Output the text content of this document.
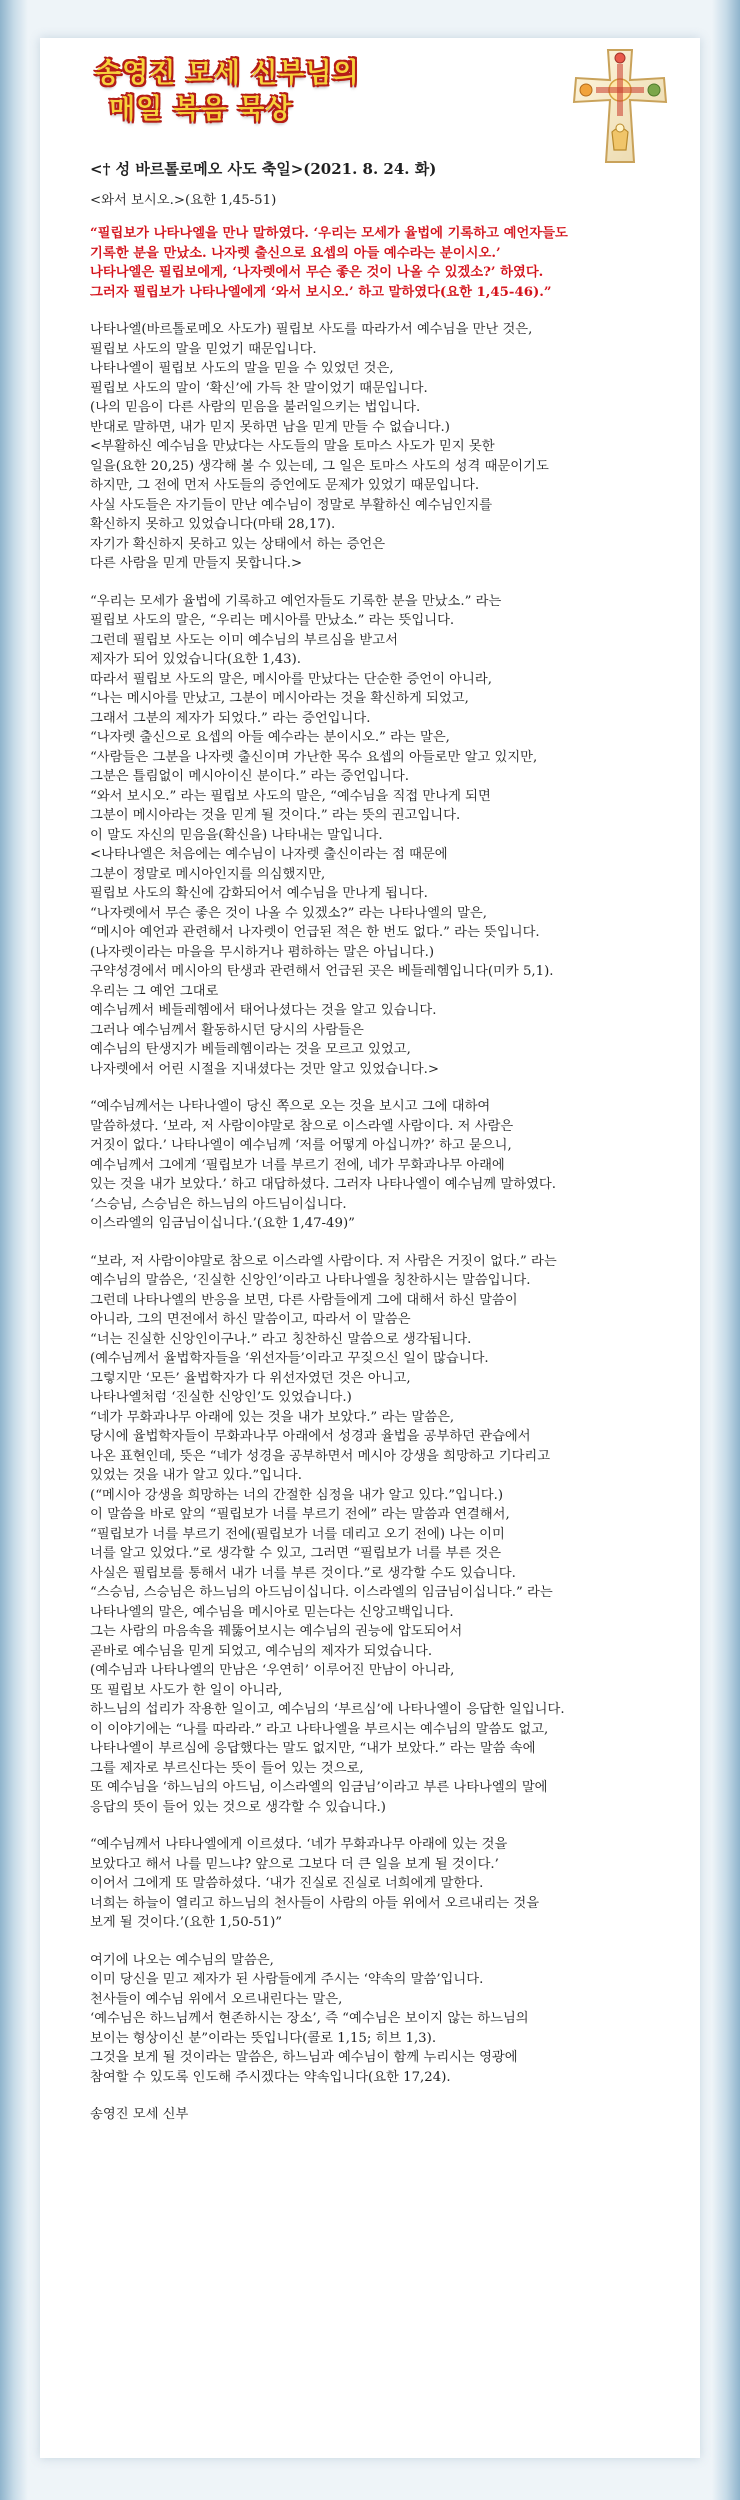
송영진 모세 신부님의
매일 복음 묵상
<† 성 바르톨로메오 사도 축일>(2021. 8. 24. 화)
<와서 보시오.>(요한 1,45-51)
“필립보가 나타나엘을 만나 말하였다. ‘우리는 모세가 율법에 기록하고 예언자들도
기록한 분을 만났소. 나자렛 출신으로 요셉의 아들 예수라는 분이시오.’
나타나엘은 필립보에게, ‘나자렛에서 무슨 좋은 것이 나올 수 있겠소?’ 하였다.
그러자 필립보가 나타나엘에게 ‘와서 보시오.’ 하고 말하였다(요한 1,45-46).”
나타나엘(바르톨로메오 사도가) 필립보 사도를 따라가서 예수님을 만난 것은,
필립보 사도의 말을 믿었기 때문입니다.
나타나엘이 필립보 사도의 말을 믿을 수 있었던 것은,
필립보 사도의 말이 ‘확신’에 가득 찬 말이었기 때문입니다.
(나의 믿음이 다른 사람의 믿음을 불러일으키는 법입니다.
반대로 말하면, 내가 믿지 못하면 남을 믿게 만들 수 없습니다.)
<부활하신 예수님을 만났다는 사도들의 말을 토마스 사도가 믿지 못한
일을(요한 20,25) 생각해 볼 수 있는데, 그 일은 토마스 사도의 성격 때문이기도
하지만, 그 전에 먼저 사도들의 증언에도 문제가 있었기 때문입니다.
사실 사도들은 자기들이 만난 예수님이 정말로 부활하신 예수님인지를
확신하지 못하고 있었습니다(마태 28,17).
자기가 확신하지 못하고 있는 상태에서 하는 증언은
다른 사람을 믿게 만들지 못합니다.>
“우리는 모세가 율법에 기록하고 예언자들도 기록한 분을 만났소.” 라는
필립보 사도의 말은, “우리는 메시아를 만났소.” 라는 뜻입니다.
그런데 필립보 사도는 이미 예수님의 부르심을 받고서
제자가 되어 있었습니다(요한 1,43).
따라서 필립보 사도의 말은, 메시아를 만났다는 단순한 증언이 아니라,
“나는 메시아를 만났고, 그분이 메시아라는 것을 확신하게 되었고,
그래서 그분의 제자가 되었다.” 라는 증언입니다.
“나자렛 출신으로 요셉의 아들 예수라는 분이시오.” 라는 말은,
“사람들은 그분을 나자렛 출신이며 가난한 목수 요셉의 아들로만 알고 있지만,
그분은 틀림없이 메시아이신 분이다.” 라는 증언입니다.
“와서 보시오.” 라는 필립보 사도의 말은, “예수님을 직접 만나게 되면
그분이 메시아라는 것을 믿게 될 것이다.” 라는 뜻의 권고입니다.
이 말도 자신의 믿음을(확신을) 나타내는 말입니다.
<나타나엘은 처음에는 예수님이 나자렛 출신이라는 점 때문에
그분이 정말로 메시아인지를 의심했지만,
필립보 사도의 확신에 감화되어서 예수님을 만나게 됩니다.
“나자렛에서 무슨 좋은 것이 나올 수 있겠소?” 라는 나타나엘의 말은,
“메시아 예언과 관련해서 나자렛이 언급된 적은 한 번도 없다.” 라는 뜻입니다.
(나자렛이라는 마을을 무시하거나 폄하하는 말은 아닙니다.)
구약성경에서 메시아의 탄생과 관련해서 언급된 곳은 베들레헴입니다(미카 5,1).
우리는 그 예언 그대로
예수님께서 베들레헴에서 태어나셨다는 것을 알고 있습니다.
그러나 예수님께서 활동하시던 당시의 사람들은
예수님의 탄생지가 베들레헴이라는 것을 모르고 있었고,
나자렛에서 어린 시절을 지내셨다는 것만 알고 있었습니다.>
“예수님께서는 나타나엘이 당신 쪽으로 오는 것을 보시고 그에 대하여
말씀하셨다. ‘보라, 저 사람이야말로 참으로 이스라엘 사람이다. 저 사람은
거짓이 없다.’ 나타나엘이 예수님께 ‘저를 어떻게 아십니까?’ 하고 묻으니,
예수님께서 그에게 ‘필립보가 너를 부르기 전에, 네가 무화과나무 아래에
있는 것을 내가 보았다.’ 하고 대답하셨다. 그러자 나타나엘이 예수님께 말하였다.
‘스승님, 스승님은 하느님의 아드님이십니다.
이스라엘의 임금님이십니다.’(요한 1,47-49)”
“보라, 저 사람이야말로 참으로 이스라엘 사람이다. 저 사람은 거짓이 없다.” 라는
예수님의 말씀은, ‘진실한 신앙인’이라고 나타나엘을 칭찬하시는 말씀입니다.
그런데 나타나엘의 반응을 보면, 다른 사람들에게 그에 대해서 하신 말씀이
아니라, 그의 면전에서 하신 말씀이고, 따라서 이 말씀은
“너는 진실한 신앙인이구나.” 라고 칭찬하신 말씀으로 생각됩니다.
(예수님께서 율법학자들을 ‘위선자들’이라고 꾸짖으신 일이 많습니다.
그렇지만 ‘모든’ 율법학자가 다 위선자였던 것은 아니고,
나타나엘처럼 ‘진실한 신앙인’도 있었습니다.)
“네가 무화과나무 아래에 있는 것을 내가 보았다.” 라는 말씀은,
당시에 율법학자들이 무화과나무 아래에서 성경과 율법을 공부하던 관습에서
나온 표현인데, 뜻은 “네가 성경을 공부하면서 메시아 강생을 희망하고 기다리고
있었는 것을 내가 알고 있다.”입니다.
(“메시아 강생을 희망하는 너의 간절한 심정을 내가 알고 있다.”입니다.)
이 말씀을 바로 앞의 “필립보가 너를 부르기 전에” 라는 말씀과 연결해서,
“필립보가 너를 부르기 전에(필립보가 너를 데리고 오기 전에) 나는 이미
너를 알고 있었다.”로 생각할 수 있고, 그러면 “필립보가 너를 부른 것은
사실은 필립보를 통해서 내가 너를 부른 것이다.”로 생각할 수도 있습니다.
“스승님, 스승님은 하느님의 아드님이십니다. 이스라엘의 임금님이십니다.” 라는
나타나엘의 말은, 예수님을 메시아로 믿는다는 신앙고백입니다.
그는 사람의 마음속을 꿰뚫어보시는 예수님의 권능에 압도되어서
곧바로 예수님을 믿게 되었고, 예수님의 제자가 되었습니다.
(예수님과 나타나엘의 만남은 ‘우연히’ 이루어진 만남이 아니라,
또 필립보 사도가 한 일이 아니라,
하느님의 섭리가 작용한 일이고, 예수님의 ‘부르심’에 나타나엘이 응답한 일입니다.
이 이야기에는 “나를 따라라.” 라고 나타나엘을 부르시는 예수님의 말씀도 없고,
나타나엘이 부르심에 응답했다는 말도 없지만, “내가 보았다.” 라는 말씀 속에
그를 제자로 부르신다는 뜻이 들어 있는 것으로,
또 예수님을 ‘하느님의 아드님, 이스라엘의 임금님’이라고 부른 나타나엘의 말에
응답의 뜻이 들어 있는 것으로 생각할 수 있습니다.)
“예수님께서 나타나엘에게 이르셨다. ‘네가 무화과나무 아래에 있는 것을
보았다고 해서 나를 믿느냐? 앞으로 그보다 더 큰 일을 보게 될 것이다.’
이어서 그에게 또 말씀하셨다. ‘내가 진실로 진실로 너희에게 말한다.
너희는 하늘이 열리고 하느님의 천사들이 사람의 아들 위에서 오르내리는 것을
보게 될 것이다.’(요한 1,50-51)”
여기에 나오는 예수님의 말씀은,
이미 당신을 믿고 제자가 된 사람들에게 주시는 ‘약속의 말씀’입니다.
천사들이 예수님 위에서 오르내린다는 말은,
‘예수님은 하느님께서 현존하시는 장소’, 즉 “예수님은 보이지 않는 하느님의
보이는 형상이신 분”이라는 뜻입니다(콜로 1,15; 히브 1,3).
그것을 보게 될 것이라는 말씀은, 하느님과 예수님이 함께 누리시는 영광에
참여할 수 있도록 인도해 주시겠다는 약속입니다(요한 17,24).
송영진 모세 신부
